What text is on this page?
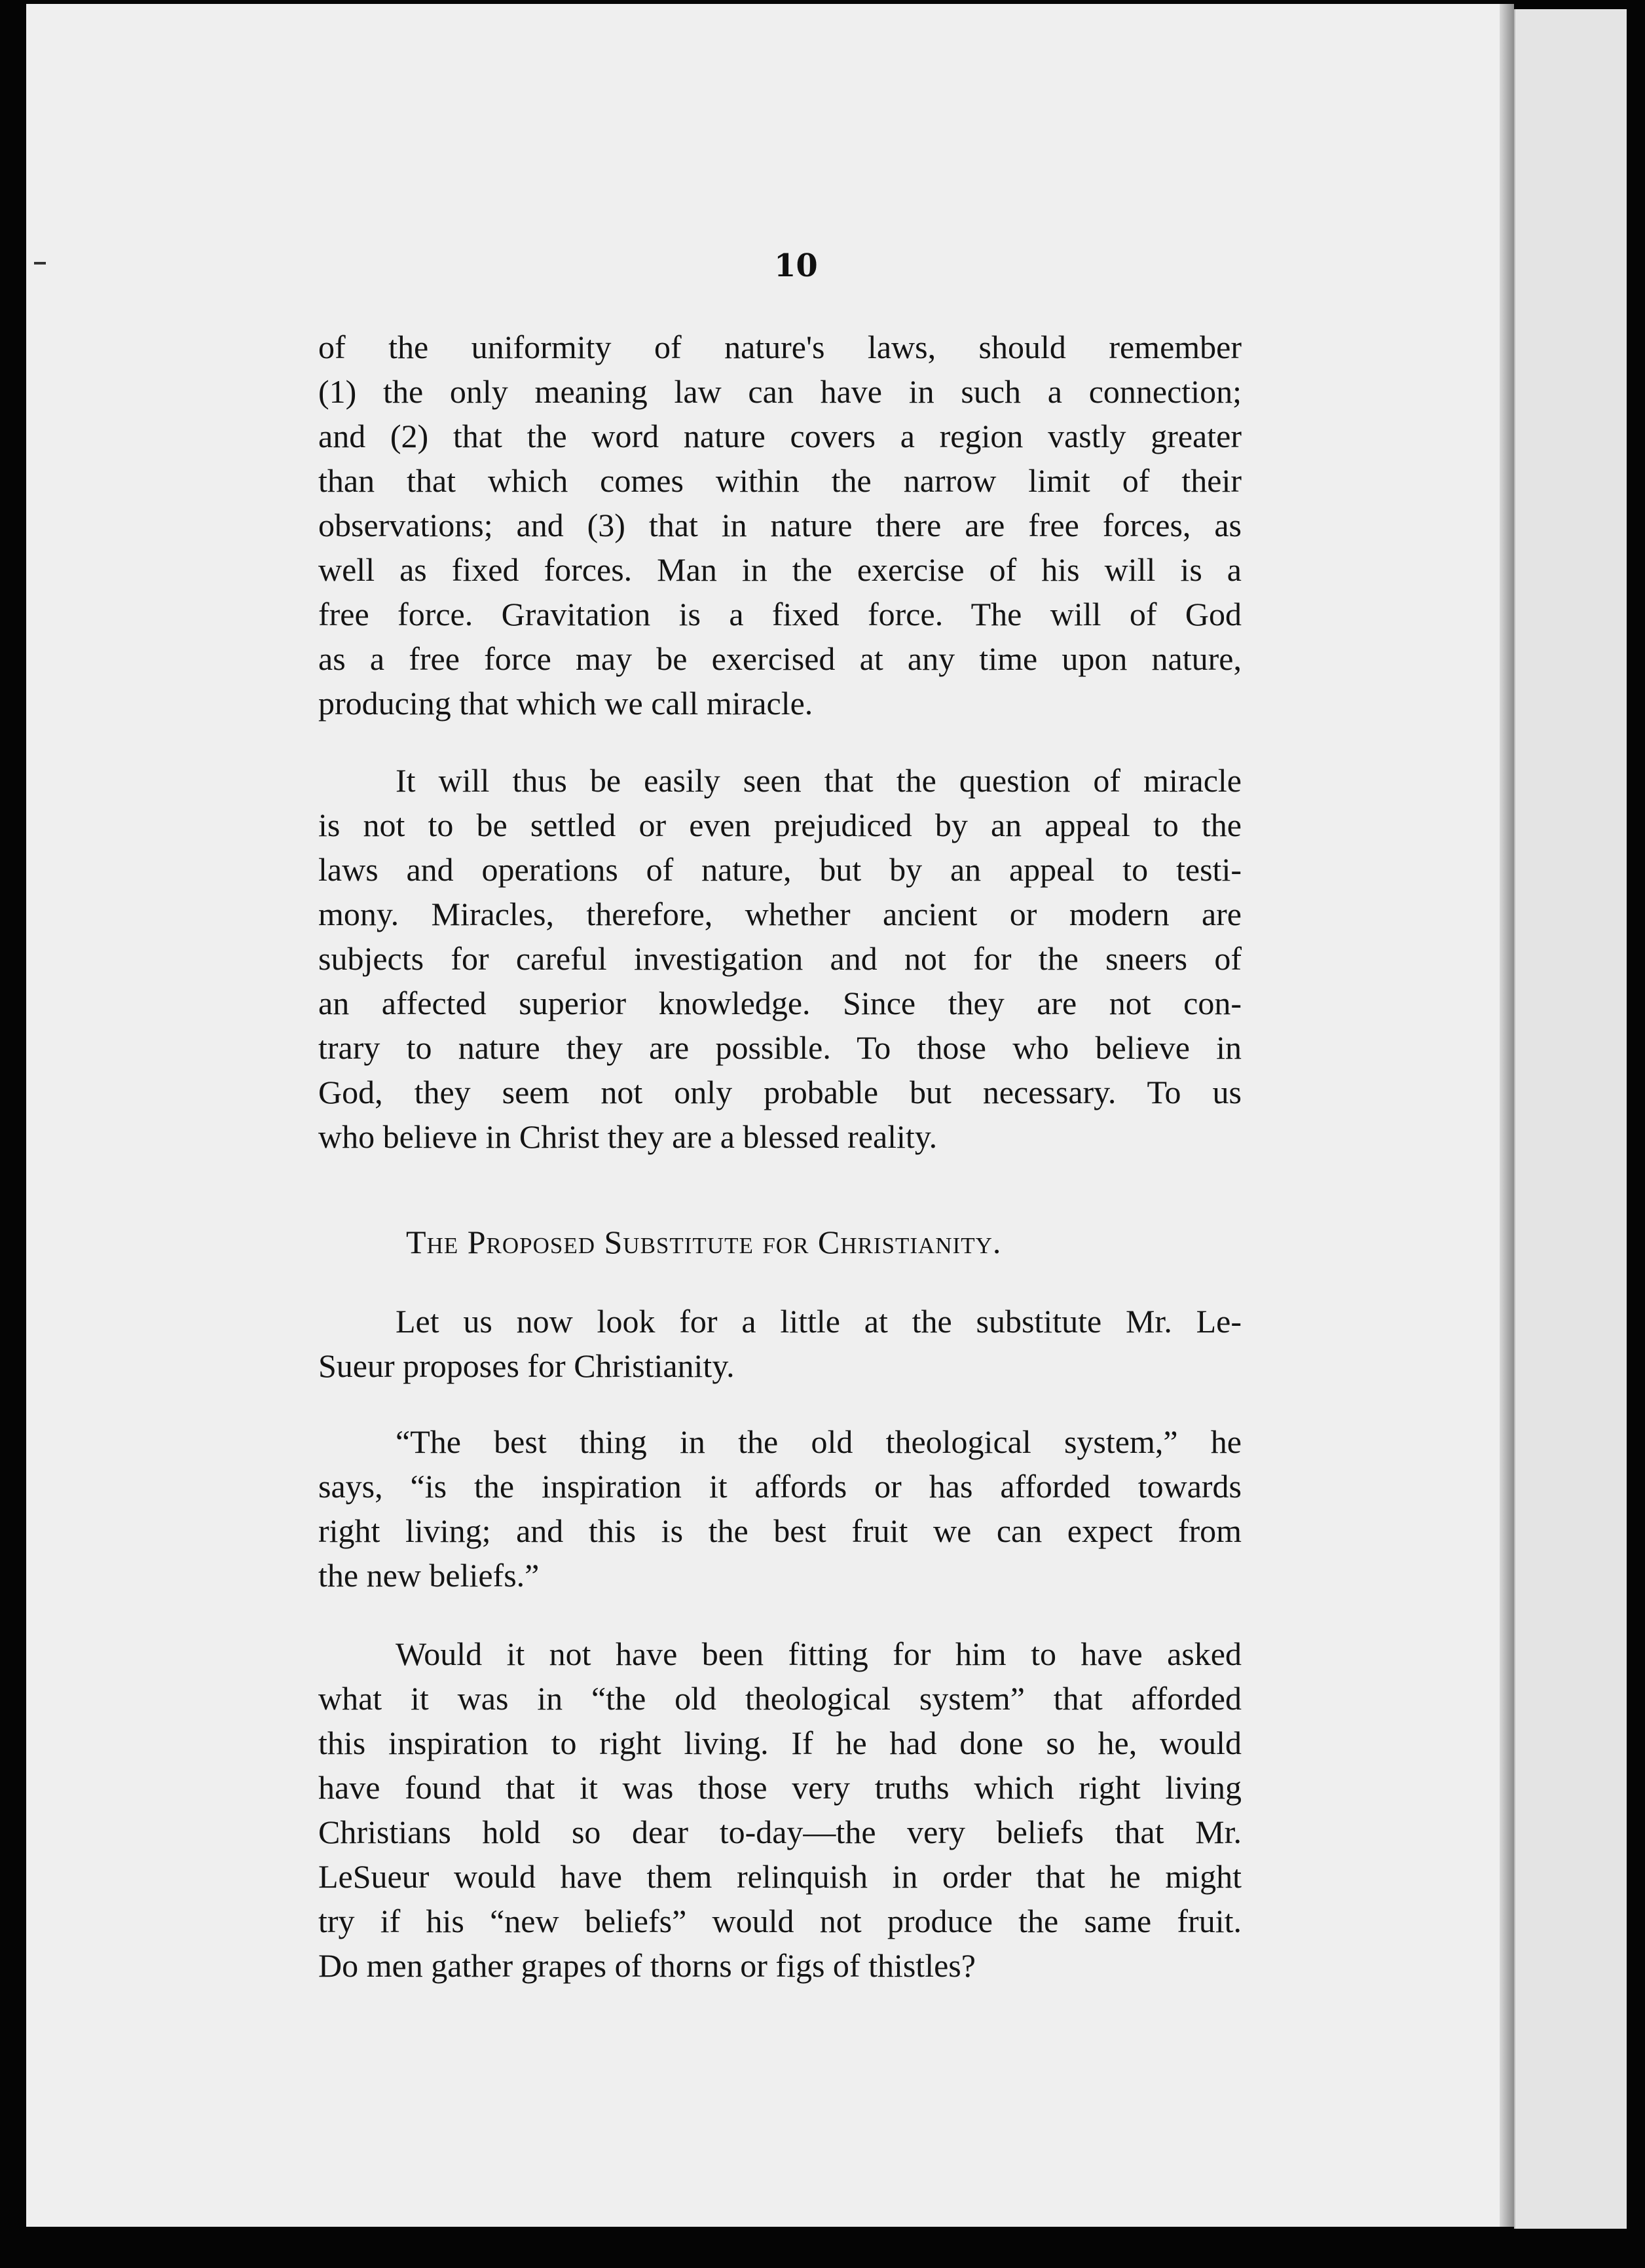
10
of the uniformity of nature's laws, should remember
(1) the only meaning law can have in such a connection;
and (2) that the word nature covers a region vastly greater
than that which comes within the narrow limit of their
observations; and (3) that in nature there are free forces, as
well as fixed forces. Man in the exercise of his will is a
free force. Gravitation is a fixed force. The will of God
as a free force may be exercised at any time upon nature,
producing that which we call miracle.
It will thus be easily seen that the question of miracle
is not to be settled or even prejudiced by an appeal to the
laws and operations of nature, but by an appeal to testi-
mony. Miracles, therefore, whether ancient or modern are
subjects for careful investigation and not for the sneers of
an affected superior knowledge. Since they are not con-
trary to nature they are possible. To those who believe in
God, they seem not only probable but necessary. To us
who believe in Christ they are a blessed reality.
The Proposed Substitute for Christianity.
Let us now look for a little at the substitute Mr. Le-
Sueur proposes for Christianity.
“The best thing in the old theological system,” he
says, “is the inspiration it affords or has afforded towards
right living; and this is the best fruit we can expect from
the new beliefs.”
Would it not have been fitting for him to have asked
what it was in “the old theological system” that afforded
this inspiration to right living. If he had done so he, would
have found that it was those very truths which right living
Christians hold so dear to-day—the very beliefs that Mr.
LeSueur would have them relinquish in order that he might
try if his “new beliefs” would not produce the same fruit.
Do men gather grapes of thorns or figs of thistles?
